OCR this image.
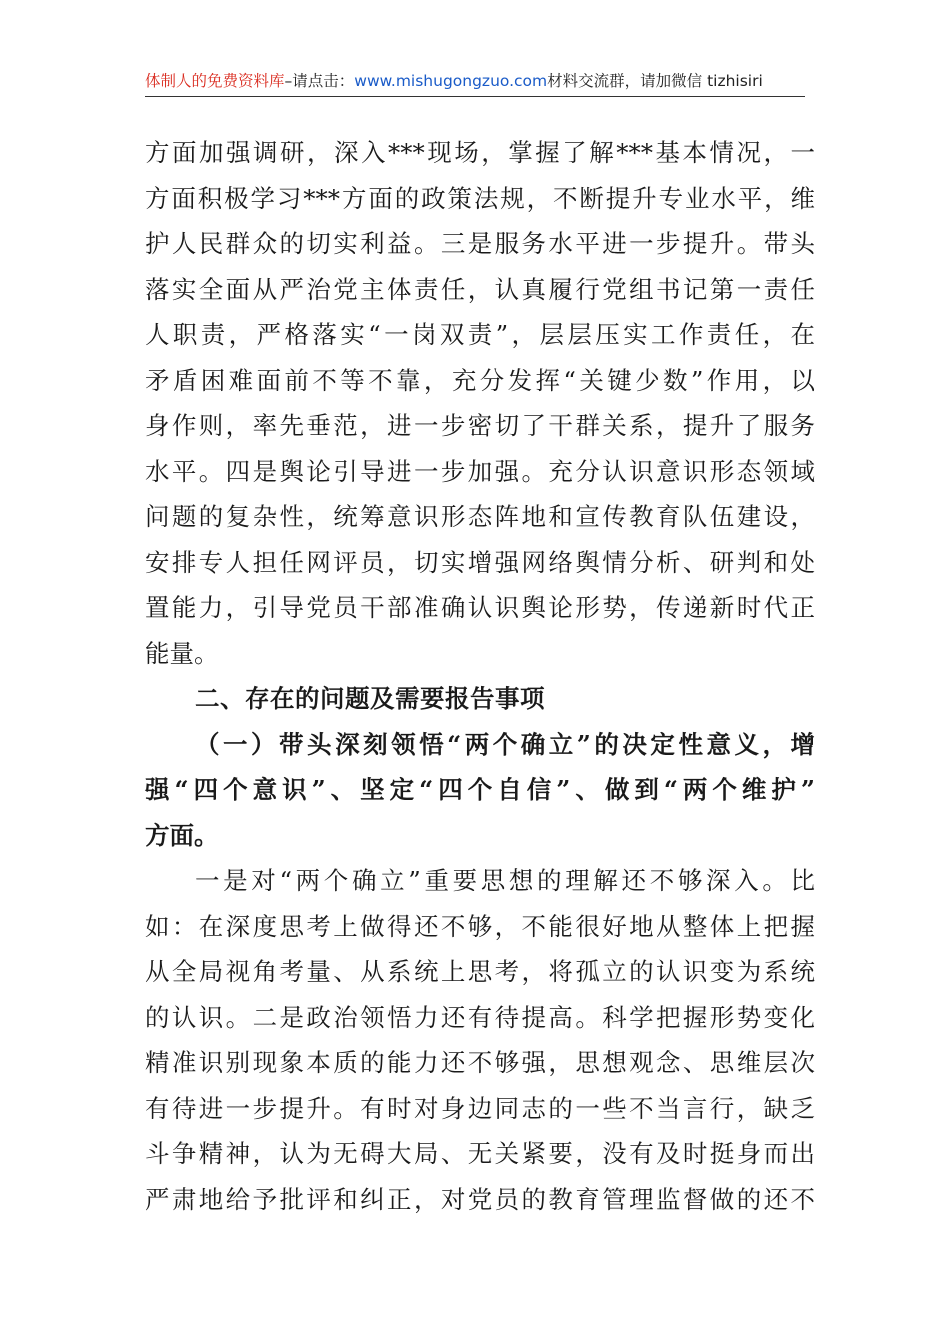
体制人的免费资料库–请点击：www.mishugongzuo.com材料交流群，请加微信 tizhisiri
方面加强调研，深入***现场，掌握了解***基本情况，一
方面积极学习***方面的政策法规，不断提升专业水平，维
护人民群众的切实利益。三是服务水平进一步提升。带头
落实全面从严治党主体责任，认真履行党组书记第一责任
人职责，严格落实“一岗双责”，层层压实工作责任，在
矛盾困难面前不等不靠，充分发挥“关键少数”作用，以
身作则，率先垂范，进一步密切了干群关系，提升了服务
水平。四是舆论引导进一步加强。充分认识意识形态领域
问题的复杂性，统筹意识形态阵地和宣传教育队伍建设，
安排专人担任网评员，切实增强网络舆情分析、研判和处
置能力，引导党员干部准确认识舆论形势，传递新时代正
能量。
二、存在的问题及需要报告事项
（一）带头深刻领悟“两个确立”的决定性意义，增
强“四个意识”、坚定“四个自信”、做到“两个维护”
方面。
一是对“两个确立”重要思想的理解还不够深入。比
如：在深度思考上做得还不够，不能很好地从整体上把握
从全局视角考量、从系统上思考，将孤立的认识变为系统
的认识。二是政治领悟力还有待提高。科学把握形势变化
精准识别现象本质的能力还不够强，思想观念、思维层次
有待进一步提升。有时对身边同志的一些不当言行，缺乏
斗争精神，认为无碍大局、无关紧要，没有及时挺身而出
严肃地给予批评和纠正，对党员的教育管理监督做的还不
